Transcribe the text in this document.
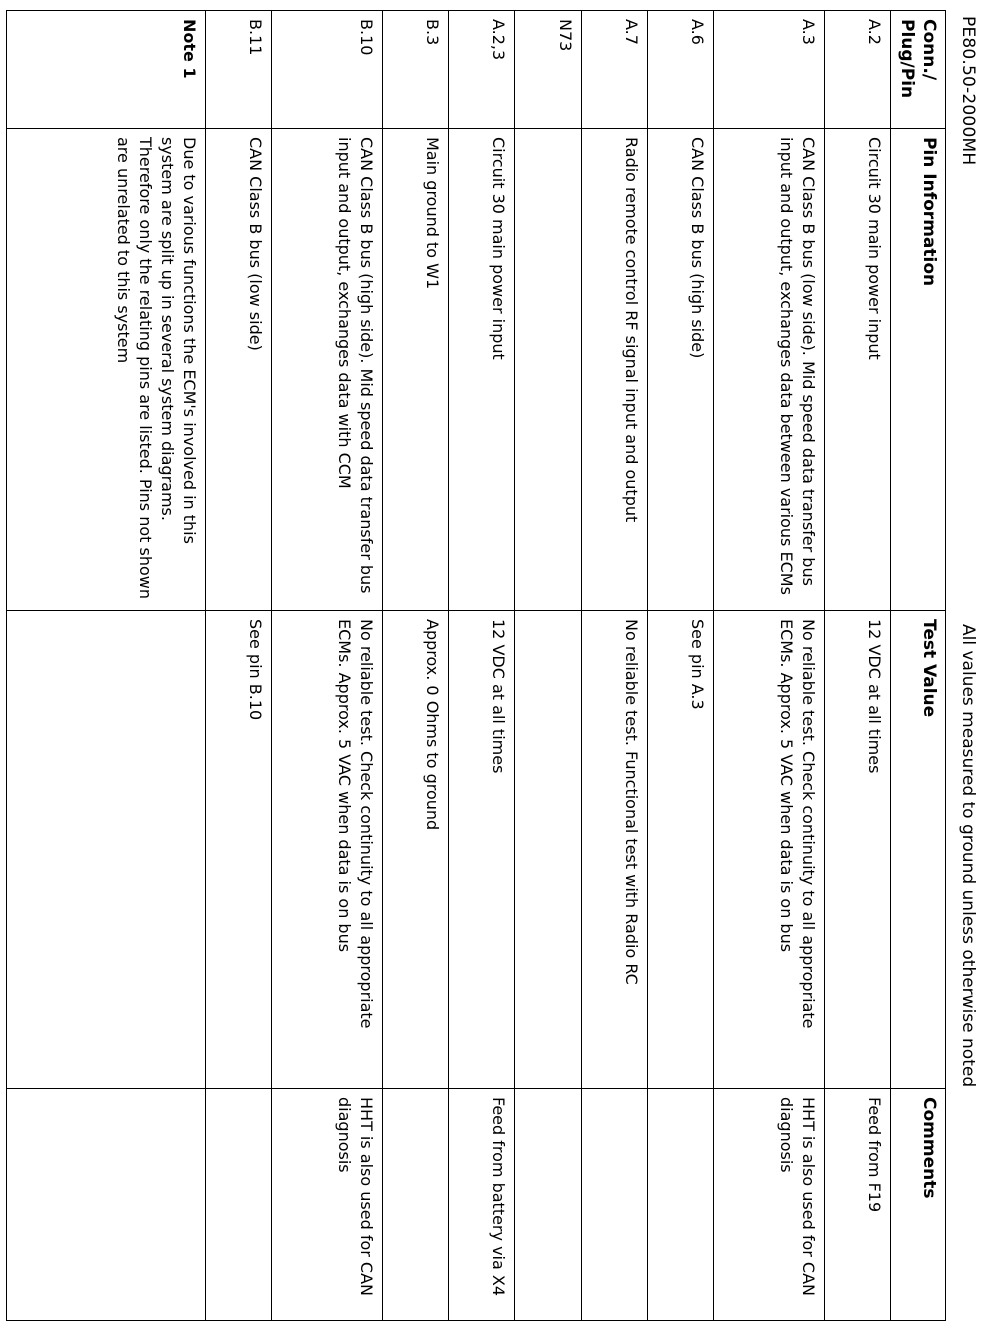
PE80.50-2000MH
All values measured to ground unless otherwise noted
Conn./ Plug/Pin	Pin Information	Test Value	Comments
A.2	Circuit 30 main power input	12 VDC at all times	Feed from F19
A.3	CAN Class B bus (low side). Mid speed data transfer bus input and output, exchanges data between various ECMs	No reliable test. Check continuity to all appropriate ECMs. Approx. 5 VAC when data is on bus	HHT is also used for CAN diagnosis
A.6	CAN Class B bus (high side)	See pin A.3	
A.7	Radio remote control RF signal input and output	No reliable test. Functional test with Radio RC	
N73			
A.2,3	Circuit 30 main power input	12 VDC at all times	Feed from battery via X4
B.3	Main ground to W1	Approx. 0 Ohms to ground	
B.10	CAN Class B bus (high side). Mid speed data transfer bus input and output, exchanges data with CCM	No reliable test. Check continuity to all appropriate ECMs. Approx. 5 VAC when data is on bus	HHT is also used for CAN diagnosis
B.11	CAN Class B bus (low side)	See pin B.10	
Note 1	Due to various functions the ECM's involved in this system are split up in several system diagrams. Therefore only the relating pins are listed. Pins not shown are unrelated to this system		
